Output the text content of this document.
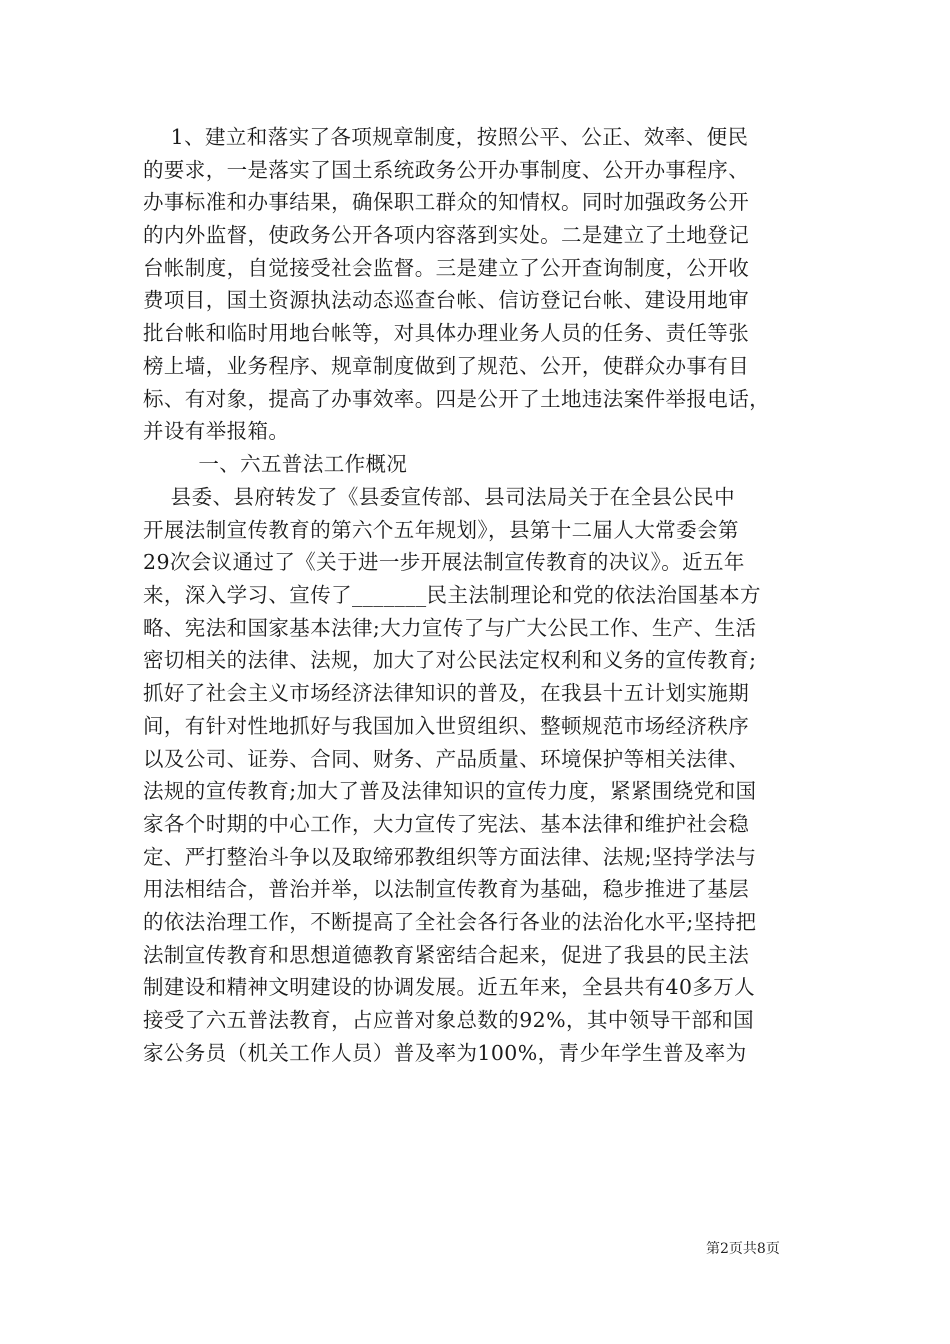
1、建立和落实了各项规章制度，按照公平、公正、效率、便民
的要求，一是落实了国土系统政务公开办事制度、公开办事程序、
办事标准和办事结果，确保职工群众的知情权。同时加强政务公开
的内外监督，使政务公开各项内容落到实处。二是建立了土地登记
台帐制度，自觉接受社会监督。三是建立了公开查询制度，公开收
费项目，国土资源执法动态巡查台帐、信访登记台帐、建设用地审
批台帐和临时用地台帐等，对具体办理业务人员的任务、责任等张
榜上墙，业务程序、规章制度做到了规范、公开，使群众办事有目
标、有对象，提高了办事效率。四是公开了土地违法案件举报电话，
并设有举报箱。
一、六五普法工作概况
县委、县府转发了《县委宣传部、县司法局关于在全县公民中
开展法制宣传教育的第六个五年规划》，县第十二届人大常委会第
29次会议通过了《关于进一步开展法制宣传教育的决议》。近五年
来，深入学习、宣传了_______民主法制理论和党的依法治国基本方
略、宪法和国家基本法律;大力宣传了与广大公民工作、生产、生活
密切相关的法律、法规，加大了对公民法定权利和义务的宣传教育;
抓好了社会主义市场经济法律知识的普及，在我县十五计划实施期
间，有针对性地抓好与我国加入世贸组织、整顿规范市场经济秩序
以及公司、证券、合同、财务、产品质量、环境保护等相关法律、
法规的宣传教育;加大了普及法律知识的宣传力度，紧紧围绕党和国
家各个时期的中心工作，大力宣传了宪法、基本法律和维护社会稳
定、严打整治斗争以及取缔邪教组织等方面法律、法规;坚持学法与
用法相结合，普治并举，以法制宣传教育为基础，稳步推进了基层
的依法治理工作，不断提高了全社会各行各业的法治化水平;坚持把
法制宣传教育和思想道德教育紧密结合起来，促进了我县的民主法
制建设和精神文明建设的协调发展。近五年来，全县共有40多万人
接受了六五普法教育，占应普对象总数的92%，其中领导干部和国
家公务员（机关工作人员）普及率为100%，青少年学生普及率为
第2页共8页
